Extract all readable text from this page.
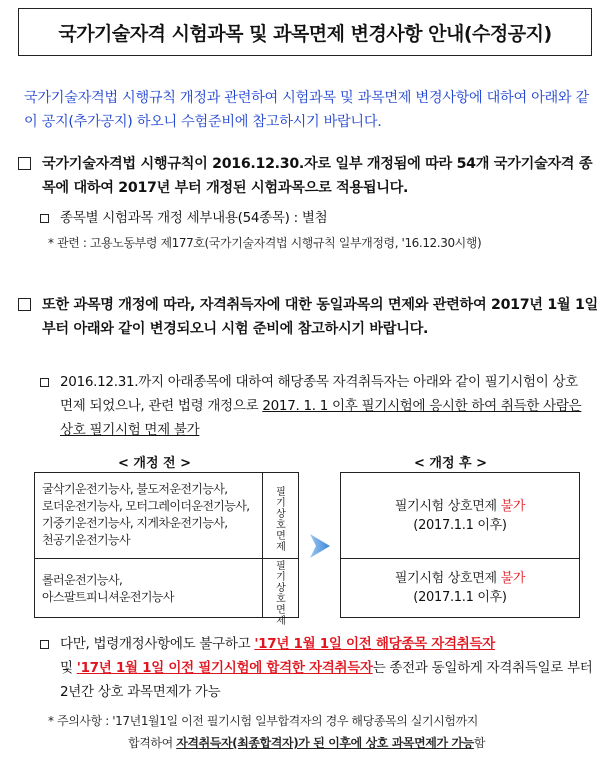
국가기술자격 시험과목 및 과목면제 변경사항 안내(수정공지)
국가기술자격법 시행규칙 개정과 관련하여 시험과목 및 과목면제 변경사항에 대하여 아래와 같이 공지(추가공지) 하오니 수험준비에 참고하시기 바랍니다.
국가기술자격법 시행규칙이 2016.12.30.자로 일부 개정됨에 따라 54개 국가기술자격 종목에 대하여 2017년 부터 개정된 시험과목으로 적용됩니다.
종목별 시험과목 개정 세부내용(54종목) : 별첨
* 관련 : 고용노동부령 제177호(국가기술자격법 시행규칙 일부개정령, '16.12.30시행)
또한 과목명 개정에 따라, 자격취득자에 대한 동일과목의 면제와 관련하여 2017년 1월 1일부터 아래와 같이 변경되오니 시험 준비에 참고하시기 바랍니다.
2016.12.31.까지 아래종목에 대하여 해당종목 자격취득자는 아래와 같이 필기시험이 상호 면제 되었으나, 관련 법령 개정으로 2017. 1. 1 이후 필기시험에 응시한 하여 취득한 사람은 상호 필기시험 면제 불가
< 개정 전 >	< 개정 후 >
굴삭기운전기능사, 불도저운전기능사,
로더운전기능사, 모터그레이더운전기능사,
기중기운전기능사, 지게차운전기능사,
천공기운전기능사
필기상호면제
롤러운전기능사,
아스팔트피니셔운전기능사
필기상호면제
필기시험 상호면제 불가
(2017.1.1 이후)
필기시험 상호면제 불가
(2017.1.1 이후)
다만, 법령개정사항에도 불구하고 '17년 1월 1일 이전 해당종목 자격취득자
및 '17년 1월 1일 이전 필기시험에 합격한 자격취득자는 종전과 동일하게 자격취득일로 부터 2년간 상호 과목면제가 가능
* 주의사항 : '17년1월1일 이전 필기시험 일부합격자의 경우 해당종목의 실기시험까지
합격하여 자격취득자(최종합격자)가 된 이후에 상호 과목면제가 가능함
